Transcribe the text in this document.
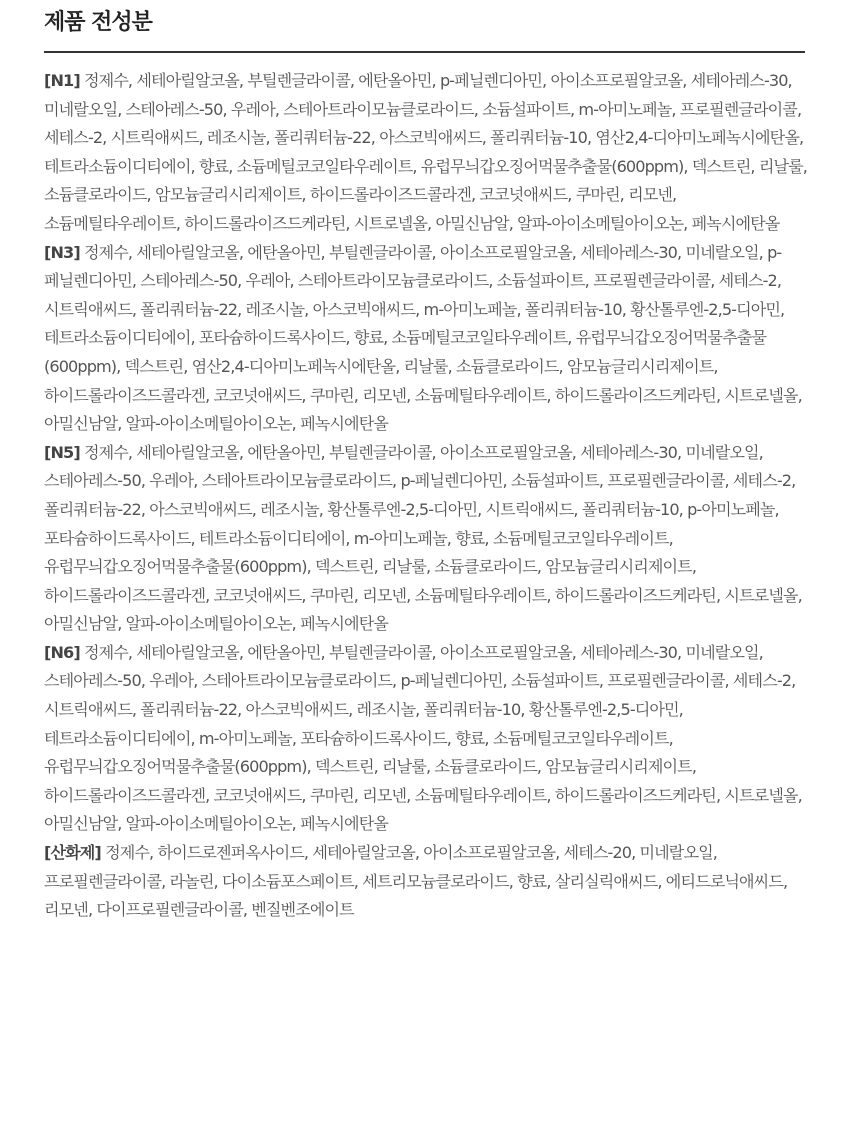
제품 전성분

[N1] 정제수, 세테아릴알코올, 부틸렌글라이콜, 에탄올아민, p-페닐렌디아민, 아이소프로필알코올, 세테아레스-30, 미네랄오일, 스테아레스-50, 우레아, 스테아트라이모늄클로라이드, 소듐설파이트, m-아미노페놀, 프로필렌글라이콜, 세테스-2, 시트릭애씨드, 레조시놀, 폴리쿼터늄-22, 아스코빅애씨드, 폴리쿼터늄-10, 염산2,4-디아미노페녹시에탄올, 테트라소듐이디티에이, 향료, 소듐메틸코코일타우레이트, 유럽무늬갑오징어먹물추출물(600ppm), 덱스트린, 리날룰, 소듐클로라이드, 암모늄글리시리제이트, 하이드롤라이즈드콜라겐, 코코넛애씨드, 쿠마린, 리모넨, 소듐메틸타우레이트, 하이드롤라이즈드케라틴, 시트로넬올, 아밀신남알, 알파-아이소메틸아이오논, 페녹시에탄올

[N3] 정제수, 세테아릴알코올, 에탄올아민, 부틸렌글라이콜, 아이소프로필알코올, 세테아레스-30, 미네랄오일, p-페닐렌디아민, 스테아레스-50, 우레아, 스테아트라이모늄클로라이드, 소듐설파이트, 프로필렌글라이콜, 세테스-2, 시트릭애씨드, 폴리쿼터늄-22, 레조시놀, 아스코빅애씨드, m-아미노페놀, 폴리쿼터늄-10, 황산톨루엔-2,5-디아민, 테트라소듐이디티에이, 포타슘하이드록사이드, 향료, 소듐메틸코코일타우레이트, 유럽무늬갑오징어먹물추출물(600ppm), 덱스트린, 염산2,4-디아미노페녹시에탄올, 리날룰, 소듐클로라이드, 암모늄글리시리제이트, 하이드롤라이즈드콜라겐, 코코넛애씨드, 쿠마린, 리모넨, 소듐메틸타우레이트, 하이드롤라이즈드케라틴, 시트로넬올, 아밀신남알, 알파-아이소메틸아이오논, 페녹시에탄올

[N5] 정제수, 세테아릴알코올, 에탄올아민, 부틸렌글라이콜, 아이소프로필알코올, 세테아레스-30, 미네랄오일, 스테아레스-50, 우레아, 스테아트라이모늄클로라이드, p-페닐렌디아민, 소듐설파이트, 프로필렌글라이콜, 세테스-2, 폴리쿼터늄-22, 아스코빅애씨드, 레조시놀, 황산톨루엔-2,5-디아민, 시트릭애씨드, 폴리쿼터늄-10, p-아미노페놀, 포타슘하이드록사이드, 테트라소듐이디티에이, m-아미노페놀, 향료, 소듐메틸코코일타우레이트, 유럽무늬갑오징어먹물추출물(600ppm), 덱스트린, 리날룰, 소듐클로라이드, 암모늄글리시리제이트, 하이드롤라이즈드콜라겐, 코코넛애씨드, 쿠마린, 리모넨, 소듐메틸타우레이트, 하이드롤라이즈드케라틴, 시트로넬올, 아밀신남알, 알파-아이소메틸아이오논, 페녹시에탄올

[N6] 정제수, 세테아릴알코올, 에탄올아민, 부틸렌글라이콜, 아이소프로필알코올, 세테아레스-30, 미네랄오일, 스테아레스-50, 우레아, 스테아트라이모늄클로라이드, p-페닐렌디아민, 소듐설파이트, 프로필렌글라이콜, 세테스-2, 시트릭애씨드, 폴리쿼터늄-22, 아스코빅애씨드, 레조시놀, 폴리쿼터늄-10, 황산톨루엔-2,5-디아민, 테트라소듐이디티에이, m-아미노페놀, 포타슘하이드록사이드, 향료, 소듐메틸코코일타우레이트, 유럽무늬갑오징어먹물추출물(600ppm), 덱스트린, 리날룰, 소듐클로라이드, 암모늄글리시리제이트, 하이드롤라이즈드콜라겐, 코코넛애씨드, 쿠마린, 리모넨, 소듐메틸타우레이트, 하이드롤라이즈드케라틴, 시트로넬올, 아밀신남알, 알파-아이소메틸아이오논, 페녹시에탄올

[산화제] 정제수, 하이드로젠퍼옥사이드, 세테아릴알코올, 아이소프로필알코올, 세테스-20, 미네랄오일, 프로필렌글라이콜, 라놀린, 다이소듐포스페이트, 세트리모늄클로라이드, 향료, 살리실릭애씨드, 에티드로닉애씨드, 리모넨, 다이프로필렌글라이콜, 벤질벤조에이트
